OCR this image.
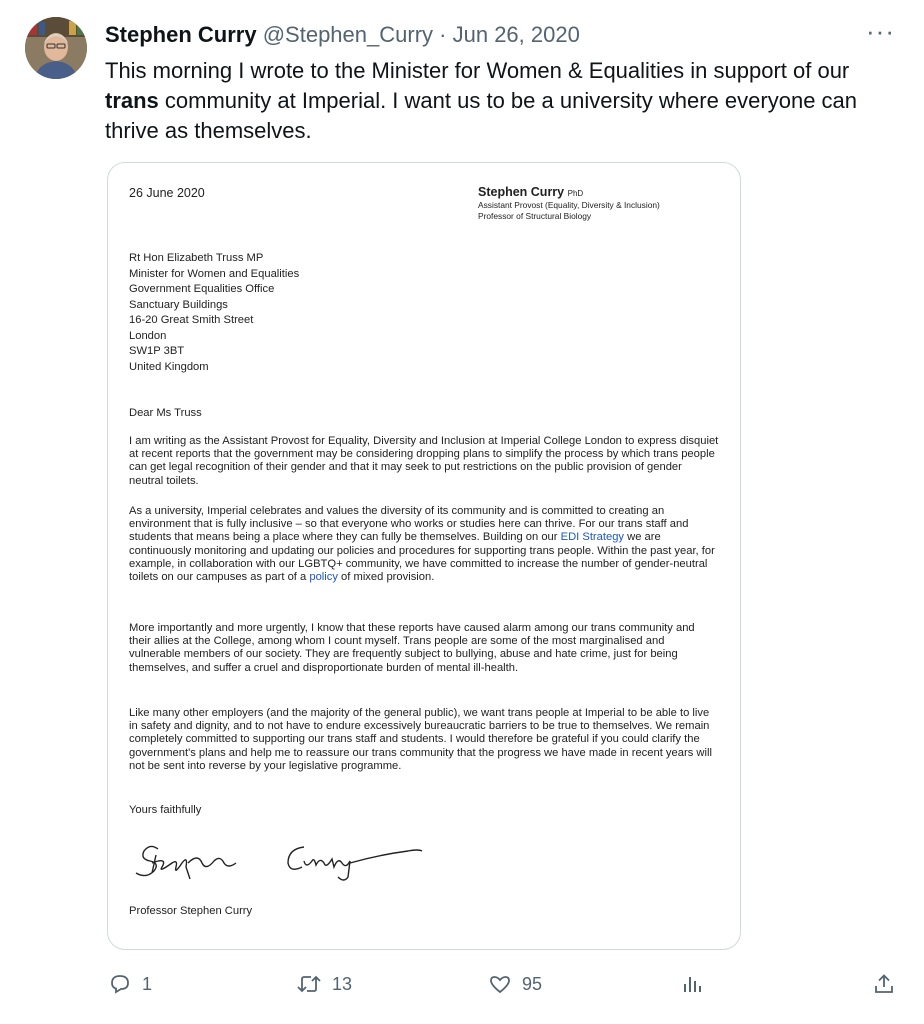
Stephen Curry @Stephen_Curry · Jun 26, 2020	···
This morning I wrote to the Minister for Women & Equalities in support of our trans community at Imperial. I want us to be a university where everyone can thrive as themselves.
26 June 2020	Stephen Curry PhD
Assistant Provost (Equality, Diversity & Inclusion)
Professor of Structural Biology
Rt Hon Elizabeth Truss MP
Minister for Women and Equalities
Government Equalities Office
Sanctuary Buildings
16-20 Great Smith Street
London
SW1P 3BT
United Kingdom
Dear Ms Truss
I am writing as the Assistant Provost for Equality, Diversity and Inclusion at Imperial College London to express disquiet at recent reports that the government may be considering dropping plans to simplify the process by which trans people can get legal recognition of their gender and that it may seek to put restrictions on the public provision of gender neutral toilets.
As a university, Imperial celebrates and values the diversity of its community and is committed to creating an environment that is fully inclusive – so that everyone who works or studies here can thrive. For our trans staff and students that means being a place where they can fully be themselves. Building on our EDI Strategy we are continuously monitoring and updating our policies and procedures for supporting trans people. Within the past year, for example, in collaboration with our LGBTQ+ community, we have committed to increase the number of gender-neutral toilets on our campuses as part of a policy of mixed provision.
More importantly and more urgently, I know that these reports have caused alarm among our trans community and their allies at the College, among whom I count myself. Trans people are some of the most marginalised and vulnerable members of our society. They are frequently subject to bullying, abuse and hate crime, just for being themselves, and suffer a cruel and disproportionate burden of mental ill-health.
Like many other employers (and the majority of the general public), we want trans people at Imperial to be able to live in safety and dignity, and to not have to endure excessively bureaucratic barriers to be true to themselves. We remain completely committed to supporting our trans staff and students. I would therefore be grateful if you could clarify the government's plans and help me to reassure our trans community that the progress we have made in recent years will not be sent into reverse by your legislative programme.
Yours faithfully
Professor Stephen Curry
1	13	95
